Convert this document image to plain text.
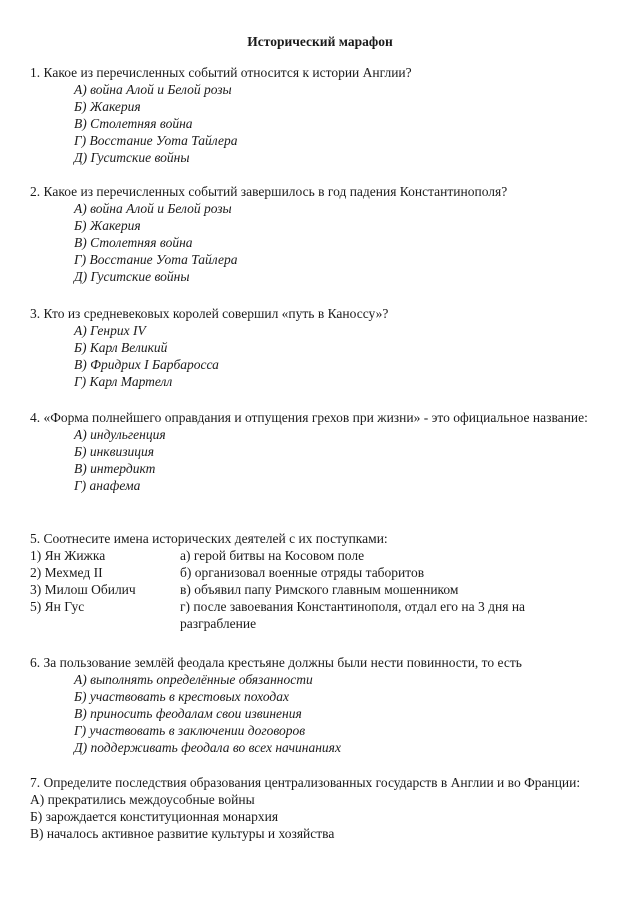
Исторический марафон
1. Какое из перечисленных событий относится к истории Англии?
А) война Алой и Белой розы
Б) Жакерия
В) Столетняя война
Г) Восстание Уота Тайлера
Д) Гуситские войны
2. Какое из перечисленных событий завершилось в год падения Константинополя?
А) война Алой и Белой розы
Б) Жакерия
В) Столетняя война
Г) Восстание Уота Тайлера
Д) Гуситские войны
3. Кто из средневековых королей совершил «путь в Каноссу»?
А) Генрих IV
Б) Карл Великий
В) Фридрих I Барбаросса
Г) Карл Мартелл
4. «Форма полнейшего оправдания и отпущения грехов при жизни» - это официальное название:
А) индульгенция
Б) инквизиция
В) интердикт
Г) анафема
5. Соотнесите имена исторических деятелей с их поступками:
1) Ян Жижка	а) герой битвы на Косовом поле
2) Мехмед II	б) организовал военные отряды таборитов
3) Милош Обилич	в) объявил папу Римского главным мошенником
5) Ян Гус	г) после завоевания Константинополя, отдал его на 3 дня на разграбление
6. За пользование землёй феодала крестьяне должны были нести повинности, то есть
А) выполнять определённые обязанности
Б) участвовать в крестовых походах
В) приносить феодалам свои извинения
Г) участвовать в заключении договоров
Д) поддерживать феодала во всех начинаниях
7. Определите последствия образования централизованных государств в Англии и во Франции:
А) прекратились междоусобные войны
Б) зарождается конституционная монархия
В) началось активное развитие культуры и хозяйства
